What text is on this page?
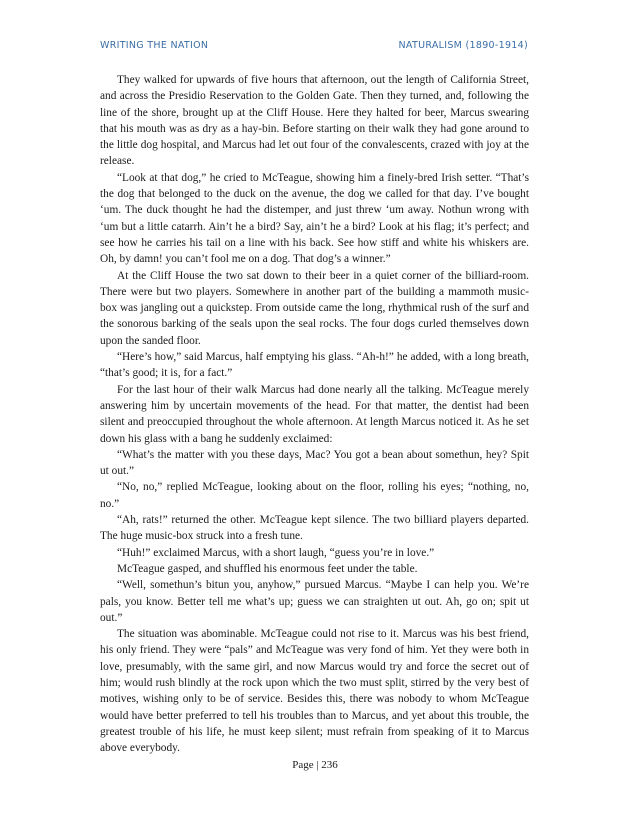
WRITING THE NATION	NATURALISM (1890-1914)

They walked for upwards of five hours that afternoon, out the length of California Street, and across the Presidio Reservation to the Golden Gate. Then they turned, and, following the line of the shore, brought up at the Cliff House. Here they halted for beer, Marcus swearing that his mouth was as dry as a hay-bin. Before starting on their walk they had gone around to the little dog hospital, and Marcus had let out four of the convalescents, crazed with joy at the release.

“Look at that dog,” he cried to McTeague, showing him a finely-bred Irish setter. “That’s the dog that belonged to the duck on the avenue, the dog we called for that day. I’ve bought ‘um. The duck thought he had the distemper, and just threw ‘um away. Nothun wrong with ‘um but a little catarrh. Ain’t he a bird? Say, ain’t he a bird? Look at his flag; it’s perfect; and see how he carries his tail on a line with his back. See how stiff and white his whiskers are. Oh, by damn! you can’t fool me on a dog. That dog’s a winner.”

At the Cliff House the two sat down to their beer in a quiet corner of the billiard-room. There were but two players. Somewhere in another part of the building a mammoth music- box was jangling out a quickstep. From outside came the long, rhythmical rush of the surf and the sonorous barking of the seals upon the seal rocks. The four dogs curled themselves down upon the sanded floor.

“Here’s how,” said Marcus, half emptying his glass. “Ah-h!” he added, with a long breath, “that’s good; it is, for a fact.”

For the last hour of their walk Marcus had done nearly all the talking. McTeague merely answering him by uncertain movements of the head. For that matter, the dentist had been silent and preoccupied throughout the whole afternoon. At length Marcus noticed it. As he set down his glass with a bang he suddenly exclaimed:

“What’s the matter with you these days, Mac? You got a bean about somethun, hey? Spit ut out.”

“No, no,” replied McTeague, looking about on the floor, rolling his eyes; “nothing, no, no.”

“Ah, rats!” returned the other. McTeague kept silence. The two billiard players departed. The huge music-box struck into a fresh tune.

“Huh!” exclaimed Marcus, with a short laugh, “guess you’re in love.”

McTeague gasped, and shuffled his enormous feet under the table.

“Well, somethun’s bitun you, anyhow,” pursued Marcus. “Maybe I can help you. We’re pals, you know. Better tell me what’s up; guess we can straighten ut out. Ah, go on; spit ut out.”

The situation was abominable. McTeague could not rise to it. Marcus was his best friend, his only friend. They were “pals” and McTeague was very fond of him. Yet they were both in love, presumably, with the same girl, and now Marcus would try and force the secret out of him; would rush blindly at the rock upon which the two must split, stirred by the very best of motives, wishing only to be of service. Besides this, there was nobody to whom McTeague would have better preferred to tell his troubles than to Marcus, and yet about this trouble, the greatest trouble of his life, he must keep silent; must refrain from speaking of it to Marcus above everybody.

Page | 236
